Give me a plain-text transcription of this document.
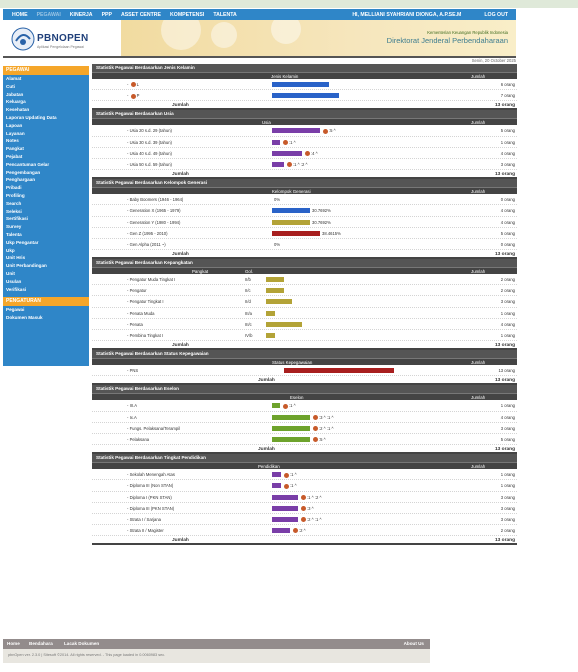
HOME PEGAWAI KINERJA PPP ASSET CENTRE KOMPETENSI TALENTA	HI, MELLIANI SYAHRIANI DIONGA, A.P.SE.M	LOG OUT
PBNOPEN
Aplikasi Pengelolaan Pegawai
Kementerian Keuangan Republik Indonesia
Direktorat Jenderal Perbendaharaan
Senin, 20 October 2025
PEGAWAI
Alamat
Cuti
Jabatan
Keluarga
Kesehatan
Laporan Updating Data
Lapoan
Layanan
Notes
Pangkat
Pejabat
Pencantuman Gelar
Pengembangan
Penghargaan
Pribadi
Profiling
Search
Seleksi
Sertifikasi
Survey
Talenta
Ukp Pengantar
Ukp
Unit Hris
Unit Perbandingan
Unit
Usulan
Verifikasi
PENGATURAN
Pegawai
Dokumen Masuk
Statistik Pegawai Berdasarkan Jenis Kelamin
Jenis Kelamin	Jumlah
- L	6 orang
- P	7 orang
Jumlah	13 orang
Statistik Pegawai Berdasarkan Usia
Usia	Jumlah
- Usia 20 s.d. 29 (tahun)	:5 ^	5 orang
- Usia 30 s.d. 39 (tahun)	:1 ^	1 orang
- Usia 40 s.d. 49 (tahun)	:4 ^	4 orang
- Usia 50 s.d. 59 (tahun)	:1 ^ :2 ^	3 orang
Jumlah	13 orang
Statistik Pegawai Berdasarkan Kelompok Generasi
Kelompok Generasi	Jumlah
- Baby Boomers (1946 - 1964)	0%	0 orang
- Generation X (1965 - 1979)	30.7692%	4 orang
- Generation Y (1980 - 1994)	30.7692%	4 orang
- Gen Z (1995 - 2010)	38.4615%	5 orang
- Gen Alpha (2011 ~)	0%	0 orang
Jumlah	13 orang
Statistik Pegawai Berdasarkan Kepangkatan
Pangkat	Gol.	Jumlah
- Pengatur Muda Tingkat I	II/b	2 orang
- Pengatur	II/c	2 orang
- Pengatur Tingkat I	II/d	3 orang
- Penata Muda	III/a	1 orang
- Penata	III/c	4 orang
- Pembina Tingkat I	IV/b	1 orang
Jumlah	13 orang
Statistik Pegawai Berdasarkan Status Kepegawaian
Status Kepegawaian	Jumlah
- PNS	13 orang
Jumlah	13 orang
Statistik Pegawai Berdasarkan Eselon
Eselon	Jumlah
- III.A	:1 ^	1 orang
- Ix.A	:3 ^ :1 ^	4 orang
- Fungs. Pelaksana/Terampil	:2 ^ :1 ^	3 orang
- Pelaksana	:5 ^	5 orang
Jumlah	13 orang
Statistik Pegawai Berdasarkan Tingkat Pendidikan
Pendidikan	Jumlah
- Sekolah Menengah Atas	:1 ^	1 orang
- Diploma III (Non STAN)	:1 ^	1 orang
- Diploma I (PKN STAN)	:1 ^ :2 ^	3 orang
- Diploma III (PKN STAN)	:3 ^	3 orang
- Strata I / Sarjana	:2 ^ :1 ^	3 orang
- Strata II / Magister	:2 ^	2 orang
Jumlah	13 orang
Home Bendahara Lacak Dokumen	About Us
pbnOpen ver. 2.3.0 | Sitesoft ©2014. All rights reserved. - This page loaded in 0.0060983 sec.
